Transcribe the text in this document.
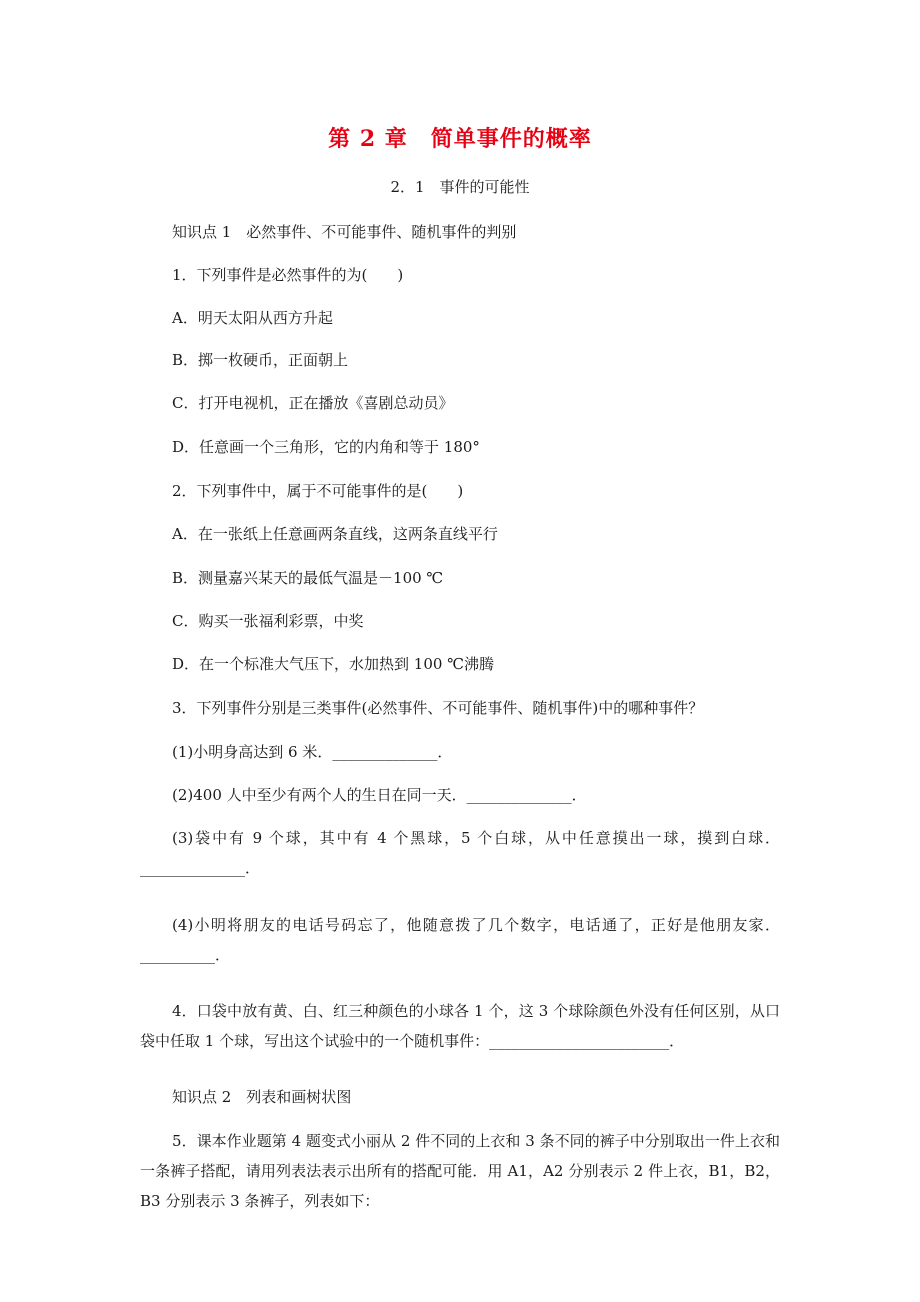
第 2 章　简单事件的概率
2．1　事件的可能性
知识点 1　必然事件、不可能事件、随机事件的判别
1．下列事件是必然事件的为(　　)
A．明天太阳从西方升起
B．掷一枚硬币，正面朝上
C．打开电视机，正在播放《喜剧总动员》
D．任意画一个三角形，它的内角和等于 180°
2．下列事件中，属于不可能事件的是(　　)
A．在一张纸上任意画两条直线，这两条直线平行
B．测量嘉兴某天的最低气温是－100 ℃
C．购买一张福利彩票，中奖
D．在一个标准大气压下，水加热到 100 ℃沸腾
3．下列事件分别是三类事件(必然事件、不可能事件、随机事件)中的哪种事件？
(1)小明身高达到 6 米．______________．
(2)400 人中至少有两个人的生日在同一天．______________．
(3)袋中有 9 个球，其中有 4 个黑球，5 个白球，从中任意摸出一球，摸到白球．______________．
(4)小明将朋友的电话号码忘了，他随意拨了几个数字，电话通了，正好是他朋友家．__________．
4．口袋中放有黄、白、红三种颜色的小球各 1 个，这 3 个球除颜色外没有任何区别，从口袋中任取 1 个球，写出这个试验中的一个随机事件：________________________．
知识点 2　列表和画树状图
5．课本作业题第 4 题变式小丽从 2 件不同的上衣和 3 条不同的裤子中分别取出一件上衣和一条裤子搭配，请用列表法表示出所有的搭配可能．用 A1，A2 分别表示 2 件上衣，B1，B2，B3 分别表示 3 条裤子，列表如下：
